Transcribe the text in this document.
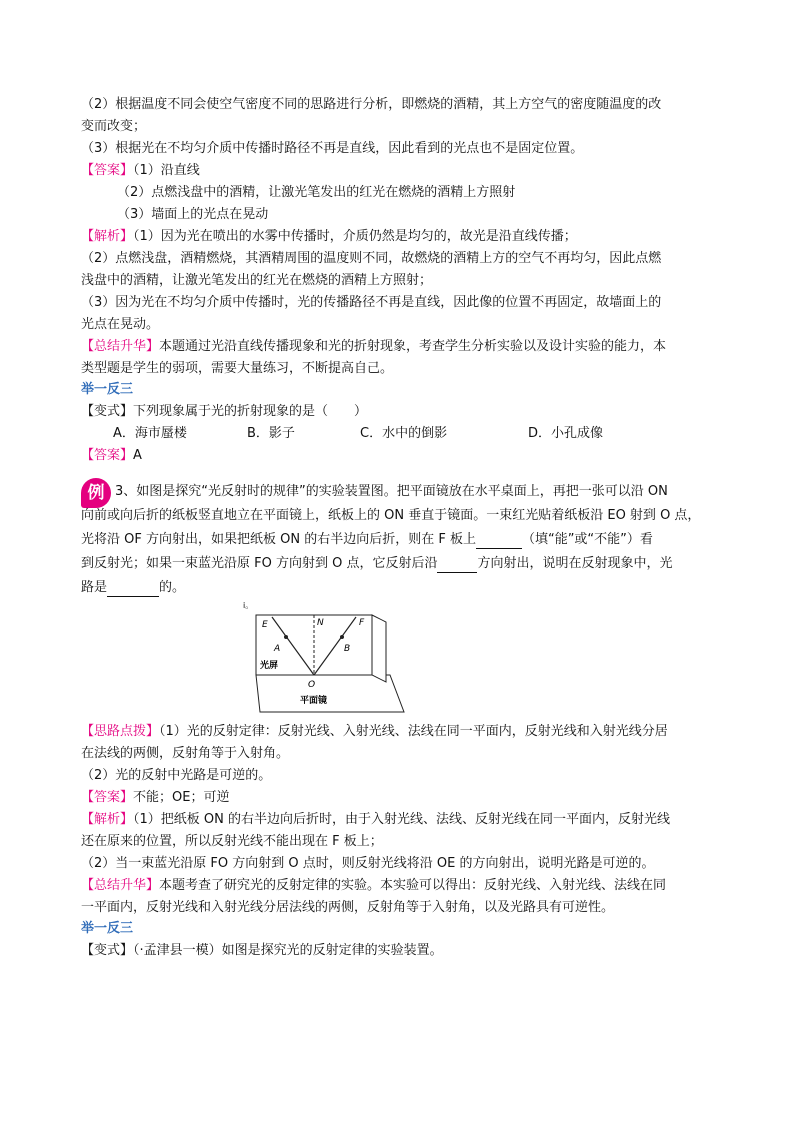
（2）根据温度不同会使空气密度不同的思路进行分析，即燃烧的酒精，其上方空气的密度随温度的改
变而改变；
（3）根据光在不均匀介质中传播时路径不再是直线，因此看到的光点也不是固定位置。
【答案】（1）沿直线
（2）点燃浅盘中的酒精，让激光笔发出的红光在燃烧的酒精上方照射
（3）墙面上的光点在晃动
【解析】（1）因为光在喷出的水雾中传播时，介质仍然是均匀的，故光是沿直线传播；
（2）点燃浅盘，酒精燃烧，其酒精周围的温度则不同，故燃烧的酒精上方的空气不再均匀，因此点燃
浅盘中的酒精，让激光笔发出的红光在燃烧的酒精上方照射；
（3）因为光在不均匀介质中传播时，光的传播路径不再是直线，因此像的位置不再固定，故墙面上的
光点在晃动。
【总结升华】本题通过光沿直线传播现象和光的折射现象，考查学生分析实验以及设计实验的能力，本
类型题是学生的弱项，需要大量练习，不断提高自己。
举一反三
【变式】下列现象属于光的折射现象的是（　　）
A．海市蜃楼	B．影子	C．水中的倒影	D．小孔成像
【答案】A
例 3、如图是探究“光反射时的规律”的实验装置图。把平面镜放在水平桌面上，再把一张可以沿 ON
向前或向后折的纸板竖直地立在平面镜上，纸板上的 ON 垂直于镜面。一束红光贴着纸板沿 EO 射到 O 点，
光将沿 OF 方向射出，如果把纸板 ON 的右半边向后折，则在 F 板上	（填“能”或“不能”）看
到反射光；如果一束蓝光沿原 FO 方向射到 O 点，它反射后沿	方向射出，说明在反射现象中，光
路是	的。
i。
平面镜
E	N	F
A	B
O
光屏
【思路点拨】（1）光的反射定律：反射光线、入射光线、法线在同一平面内，反射光线和入射光线分居
在法线的两侧，反射角等于入射角。
（2）光的反射中光路是可逆的。
【答案】不能；OE；可逆
【解析】（1）把纸板 ON 的右半边向后折时，由于入射光线、法线、反射光线在同一平面内，反射光线
还在原来的位置，所以反射光线不能出现在 F 板上；
（2）当一束蓝光沿原 FO 方向射到 O 点时，则反射光线将沿 OE 的方向射出，说明光路是可逆的。
【总结升华】本题考查了研究光的反射定律的实验。本实验可以得出：反射光线、入射光线、法线在同
一平面内，反射光线和入射光线分居法线的两侧，反射角等于入射角，以及光路具有可逆性。
举一反三
【变式】（·孟津县一模）如图是探究光的反射定律的实验装置。
